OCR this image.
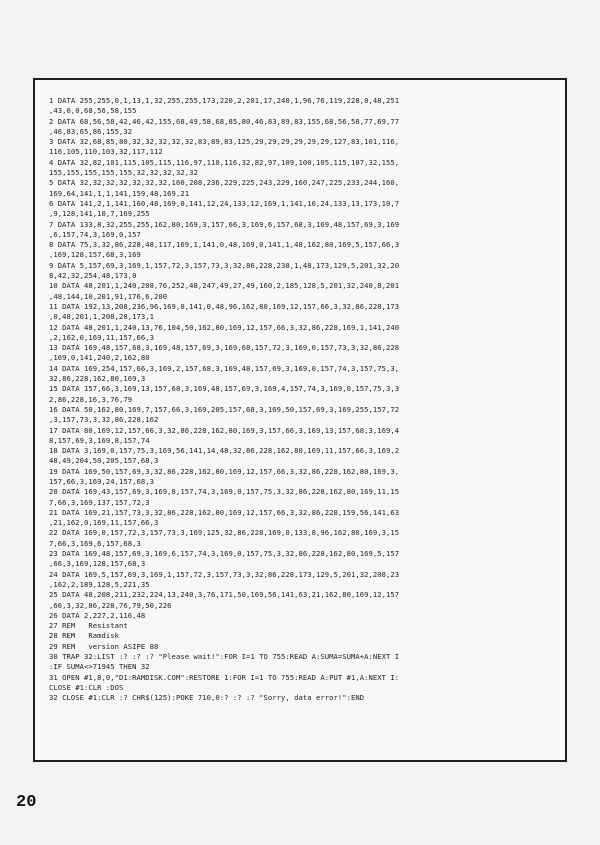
1 DATA 255,255,0,1,13,1,32,255,255,173,220,2,201,17,240,1,96,76,119,228,0,48,251
,43,0,0,68,56,58,155
2 DATA 68,56,58,42,46,42,155,68,49,58,68,85,80,46,83,89,83,155,68,56,58,77,69,77
,46,83,65,86,155,32
3 DATA 32,68,85,80,32,32,32,32,32,83,89,83,125,29,29,29,29,29,29,127,83,101,116,
116,105,110,103,32,117,112
4 DATA 32,82,101,115,105,115,116,97,110,116,32,82,97,109,100,105,115,107,32,155,
155,155,155,155,155,32,32,32,32,32
5 DATA 32,32,32,32,32,32,32,160,208,236,229,225,243,229,160,247,225,233,244,160,
169,64,141,1,1,141,159,48,169,21
6 DATA 141,2,1,141,160,48,169,0,141,12,24,133,12,169,1,141,16,24,133,13,173,10,7
,9,128,141,10,7,169,255
7 DATA 133,8,32,255,255,162,80,169,3,157,66,3,169,6,157,68,3,169,48,157,69,3,169
,6,157,74,3,169,0,157
8 DATA 75,3,32,86,228,48,117,169,1,141,0,48,169,0,141,1,48,162,80,169,5,157,66,3
,169,128,157,68,3,169
9 DATA 5,157,69,3,169,1,157,72,3,157,73,3,32,86,228,238,1,48,173,129,5,201,32,20
8,42,32,254,48,173,0
10 DATA 48,201,1,240,208,76,252,48,247,49,27,49,160,2,185,128,5,201,32,240,8,201
,48,144,10,201,91,176,6,200
11 DATA 192,13,208,236,96,169,0,141,0,48,96,162,80,169,12,157,66,3,32,86,228,173
,0,48,201,1,208,20,173,1
12 DATA 48,201,1,240,13,76,104,50,162,80,169,12,157,66,3,32,86,228,169,1,141,240
,2,162,0,169,11,157,66,3
13 DATA 169,48,157,68,3,169,48,157,69,3,169,68,157,72,3,169,0,157,73,3,32,86,228
,169,0,141,240,2,162,80
14 DATA 169,254,157,66,3,169,2,157,68,3,169,48,157,69,3,169,0,157,74,3,157,75,3,
32,86,228,162,80,169,3
15 DATA 157,66,3,169,13,157,68,3,169,48,157,69,3,169,4,157,74,3,169,0,157,75,3,3
2,86,228,16,3,76,79
16 DATA 50,162,80,169,7,157,66,3,169,205,157,68,3,169,50,157,69,3,169,255,157,72
,3,157,73,3,32,86,228,162
17 DATA 80,169,12,157,66,3,32,86,228,162,80,169,3,157,66,3,169,13,157,68,3,169,4
8,157,69,3,169,8,157,74
18 DATA 3,169,0,157,75,3,169,56,141,14,48,32,86,228,162,80,169,11,157,66,3,169,2
48,49,204,50,205,157,68,3
19 DATA 169,50,157,69,3,32,86,228,162,80,169,12,157,66,3,32,86,228,162,80,169,3,
157,66,3,169,24,157,68,3
20 DATA 169,43,157,69,3,169,8,157,74,3,169,0,157,75,3,32,86,228,162,80,169,11,15
7,66,3,169,137,157,72,3
21 DATA 169,21,157,73,3,32,86,228,162,80,169,12,157,66,3,32,86,228,159,56,141,63
,21,162,0,169,11,157,66,3
22 DATA 169,0,157,72,3,157,73,3,169,125,32,86,228,169,0,133,8,96,162,80,169,3,15
7,66,3,169,6,157,68,3
23 DATA 169,48,157,69,3,169,6,157,74,3,169,0,157,75,3,32,86,228,162,80,169,5,157
,66,3,169,128,157,68,3
24 DATA 169,5,157,69,3,169,1,157,72,3,157,73,3,32,86,228,173,129,5,201,32,208,23
,162,2,189,128,5,221,35
25 DATA 48,208,211,232,224,13,240,3,76,171,50,169,56,141,63,21,162,80,169,12,157
,66,3,32,86,228,76,79,50,226
26 DATA 2,227,2,116,48
27 REM   Resistant
28 REM   Ramdisk
29 REM   version ASIPE 88
30 TRAP 32:LIST :? :? :? "Please wait!":FOR I=1 TO 755:READ A:SUMA=SUMA+A:NEXT I
:IF SUMA<>71945 THEN 32
31 OPEN #1,8,0,"D1:RAMDISK.COM":RESTORE 1:FOR I=1 TO 755:READ A:PUT #1,A:NEXT I:
CLOSE #1:CLR :DOS
32 CLOSE #1:CLR :? CHR$(125):POKE 710,0:? :? :? "Sorry, data error!":END
20
